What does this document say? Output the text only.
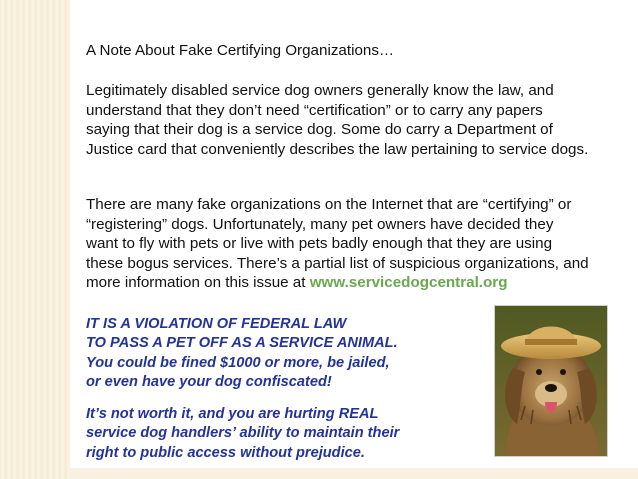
A Note About Fake Certifying Organizations…
Legitimately disabled service dog owners generally know the law, and
understand that they don’t need “certification” or to carry any papers
saying that their dog is a service dog. Some do carry a Department of
Justice card that conveniently describes the law pertaining to service dogs.
There are many fake organizations on the Internet that are “certifying” or
“registering” dogs. Unfortunately, many pet owners have decided they
want to fly with pets or live with pets badly enough that they are using
these bogus services. There’s a partial list of suspicious organizations, and
more information on this issue at www.servicedogcentral.org
IT IS A VIOLATION OF FEDERAL LAW
TO PASS A PET OFF AS A SERVICE ANIMAL.
You could be fined $1000 or more, be jailed,
or even have your dog confiscated!
It’s not worth it, and you are hurting REAL
service dog handlers’ ability to maintain their
right to public access without prejudice.
